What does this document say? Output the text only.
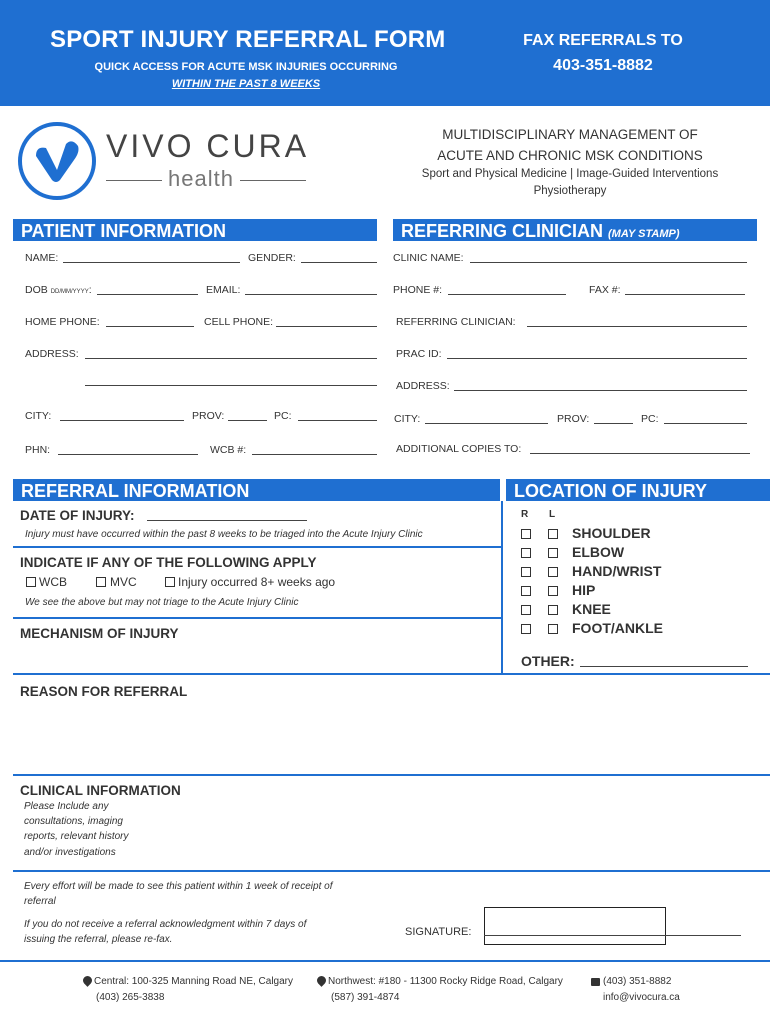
SPORT INJURY REFERRAL FORM
QUICK ACCESS FOR ACUTE MSK INJURIES OCCURRING
WITHIN THE PAST 8 WEEKS
FAX REFERRALS TO
403-351-8882
VIVO CURA
health
MULTIDISCIPLINARY MANAGEMENT OF
ACUTE AND CHRONIC MSK CONDITIONS
Sport and Physical Medicine | Image-Guided Interventions
Physiotherapy
PATIENT INFORMATION	REFERRING CLINICIAN (MAY STAMP)
NAME:	GENDER:
DOB DD/MM/YYYY:	EMAIL:
HOME PHONE:	CELL PHONE:
ADDRESS:
CITY:	PROV:	PC:
PHN:	WCB #:
CLINIC NAME:
PHONE #:	FAX #:
REFERRING CLINICIAN:
PRAC ID:
ADDRESS:
CITY:	PROV:	PC:
ADDITIONAL COPIES TO:
REFERRAL INFORMATION	LOCATION OF INJURY
DATE OF INJURY:
Injury must have occurred within the past 8 weeks to be triaged into the Acute Injury Clinic
INDICATE IF ANY OF THE FOLLOWING APPLY
WCB	MVC	Injury occurred 8+ weeks ago
We see the above but may not triage to the Acute Injury Clinic
MECHANISM OF INJURY
R L
SHOULDER
ELBOW
HAND/WRIST
HIP
KNEE
FOOT/ANKLE
OTHER:
REASON FOR REFERRAL
CLINICAL INFORMATION
Please Include any
consultations, imaging
reports, relevant history
and/or investigations
Every effort will be made to see this patient within 1 week of receipt of
referral
If you do not receive a referral acknowledgment within 7 days of
issuing the referral, please re-fax.
SIGNATURE:
Central: 100-325 Manning Road NE, Calgary
(403) 265-3838
Northwest: #180 - 11300 Rocky Ridge Road, Calgary
(587) 391-4874
(403) 351-8882
info@vivocura.ca
